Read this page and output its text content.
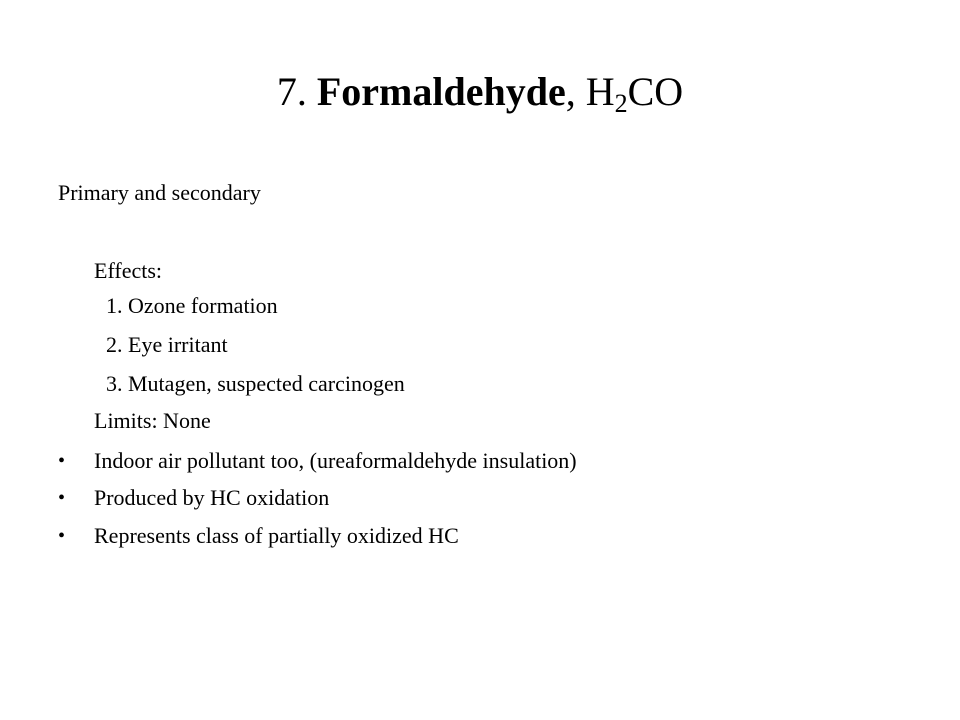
7. Formaldehyde, $H_2CO$
Primary and secondary
Effects:
1. Ozone formation
2. Eye irritant
3. Mutagen, suspected carcinogen
Limits: None
• Indoor air pollutant too, (ureaformaldehyde insulation)
• Produced by HC oxidation
• Represents class of partially oxidized HC
